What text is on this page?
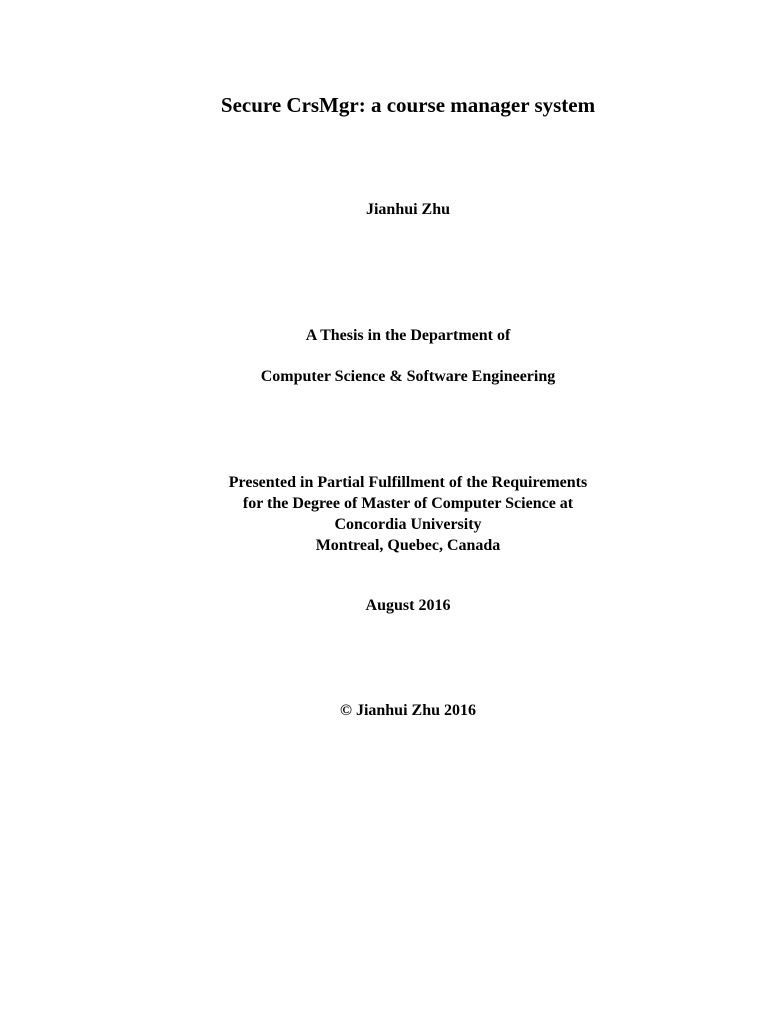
Secure CrsMgr: a course manager system
Jianhui Zhu
A Thesis in the Department of
Computer Science & Software Engineering
Presented in Partial Fulfillment of the Requirements
for the Degree of Master of Computer Science at
Concordia University
Montreal, Quebec, Canada
August 2016
© Jianhui Zhu 2016
